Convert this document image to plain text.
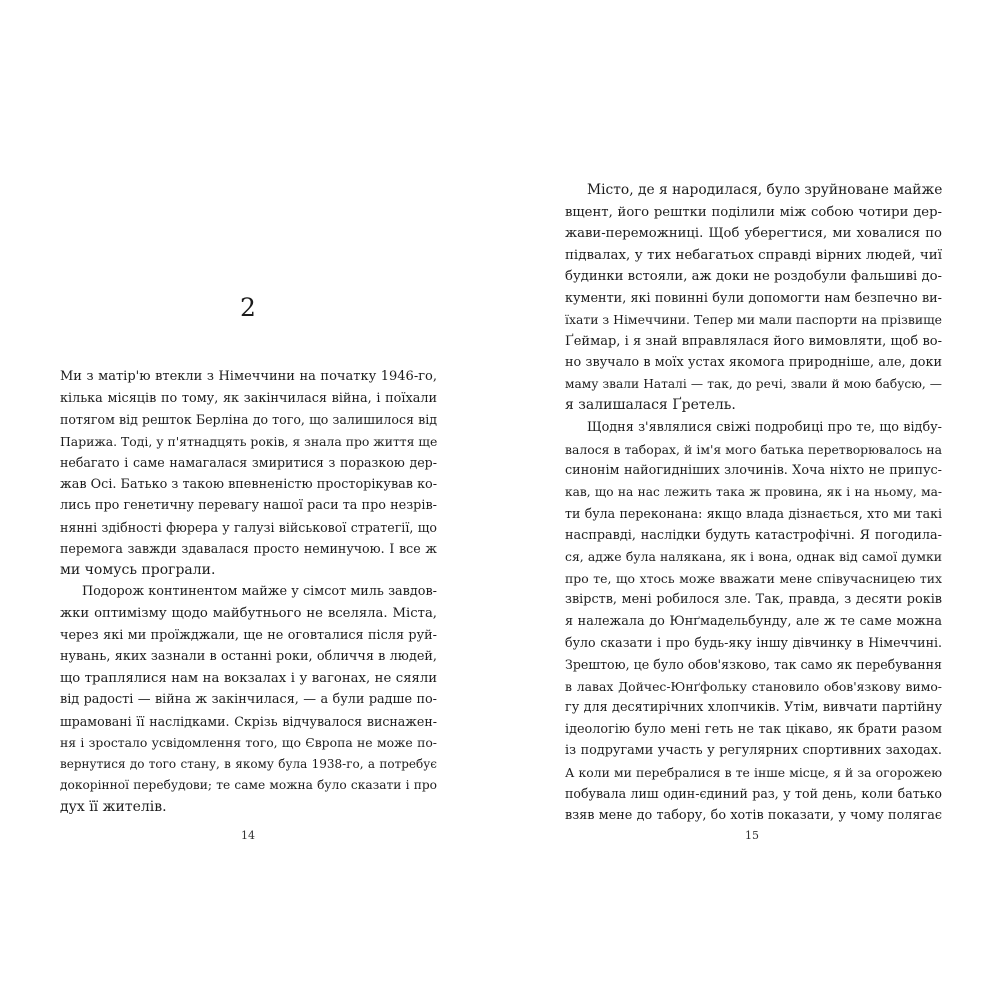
2
Ми з матір'ю втекли з Німеччини на початку 1946-го,
кілька місяців по тому, як закінчилася війна, і поїхали
потягом від решток Берліна до того, що залишилося від
Парижа. Тоді, у п'ятнадцять років, я знала про життя ще
небагато і саме намагалася змиритися з поразкою дер-
жав Осі. Батько з такою впевненістю просторікував ко-
лись про генетичну перевагу нашої раси та про незрів-
нянні здібності фюрера у галузі військової стратегії, що
перемога завжди здавалася просто неминучою. І все ж
ми чомусь програли.
Подорож континентом майже у сімсот миль завдов-
жки оптимізму щодо майбутнього не вселяла. Міста,
через які ми проїжджали, ще не оговталися після руй-
нувань, яких зазнали в останні роки, обличчя в людей,
що траплялися нам на вокзалах і у вагонах, не сяяли
від радості — війна ж закінчилася, — а були радше по-
шрамовані її наслідками. Скрізь відчувалося виснажен-
ня і зростало усвідомлення того, що Європа не може по-
вернутися до того стану, в якому була 1938-го, а потребує
докорінної перебудови; те саме можна було сказати і про
дух її жителів.
14
Місто, де я народилася, було зруйноване майже
вщент, його рештки поділили між собою чотири дер-
жави-переможниці. Щоб уберегтися, ми ховалися по
підвалах, у тих небагатьох справді вірних людей, чиї
будинки встояли, аж доки не роздобули фальшиві до-
кументи, які повинні були допомогти нам безпечно ви-
їхати з Німеччини. Тепер ми мали паспорти на прізвище
Ґеймар, і я знай вправлялася його вимовляти, щоб во-
но звучало в моїх устах якомога природніше, але, доки
маму звали Наталі — так, до речі, звали й мою бабусю, —
я залишалася Ґретель.
Щодня з'являлися свіжі подробиці про те, що відбу-
валося в таборах, й ім'я мого батька перетворювалось на
синонім найогидніших злочинів. Хоча ніхто не припус-
кав, що на нас лежить така ж провина, як і на ньому, ма-
ти була переконана: якщо влада дізнається, хто ми такі
насправді, наслідки будуть катастрофічні. Я погодила-
ся, адже була налякана, як і вона, однак від самої думки
про те, що хтось може вважати мене співучасницею тих
звірств, мені робилося зле. Так, правда, з десяти років
я належала до Юнґмадельбунду, але ж те саме можна
було сказати і про будь-яку іншу дівчинку в Німеччині.
Зрештою, це було обов'язково, так само як перебування
в лавах Дойчес-Юнґфольку становило обов'язкову вимо-
гу для десятирічних хлопчиків. Утім, вивчати партійну
ідеологію було мені геть не так цікаво, як брати разом
із подругами участь у регулярних спортивних заходах.
А коли ми перебралися в те інше місце, я й за огорожею
побувала лиш один-єдиний раз, у той день, коли батько
взяв мене до табору, бо хотів показати, у чому полягає
15
